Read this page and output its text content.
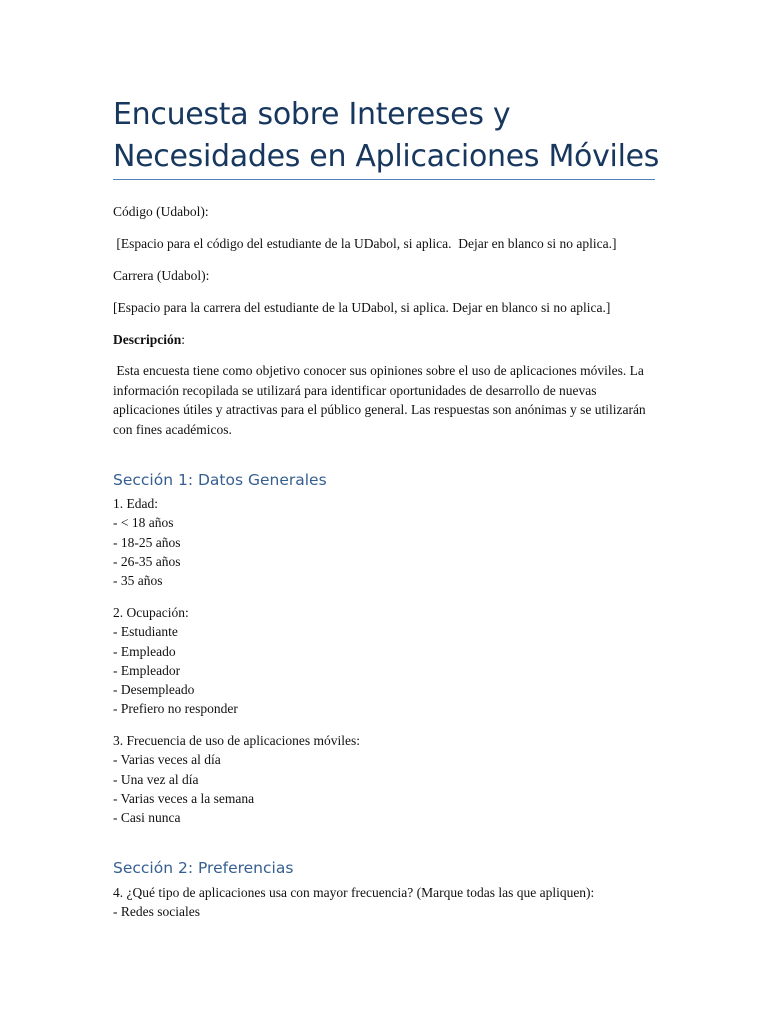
Encuesta sobre Intereses y Necesidades en Aplicaciones Móviles

Código (Udabol):

[Espacio para el código del estudiante de la UDabol, si aplica.  Dejar en blanco si no aplica.]

Carrera (Udabol):

[Espacio para la carrera del estudiante de la UDabol, si aplica. Dejar en blanco si no aplica.]

Descripción:

Esta encuesta tiene como objetivo conocer sus opiniones sobre el uso de aplicaciones móviles. La información recopilada se utilizará para identificar oportunidades de desarrollo de nuevas aplicaciones útiles y atractivas para el público general. Las respuestas son anónimas y se utilizarán con fines académicos.

Sección 1: Datos Generales
1. Edad:
- < 18 años
- 18-25 años
- 26-35 años
- 35 años
2. Ocupación:
- Estudiante
- Empleado
- Empleador
- Desempleado
- Prefiero no responder
3. Frecuencia de uso de aplicaciones móviles:
- Varias veces al día
- Una vez al día
- Varias veces a la semana
- Casi nunca
Sección 2: Preferencias
4. ¿Qué tipo de aplicaciones usa con mayor frecuencia? (Marque todas las que apliquen):
- Redes sociales
